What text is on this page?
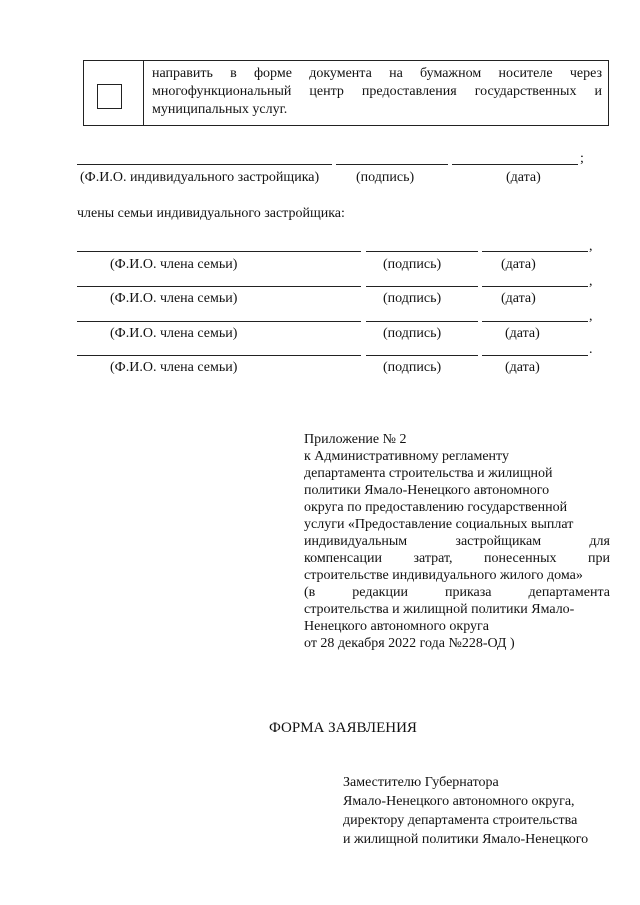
направить в форме документа на бумажном носителе через многофункциональный центр предоставления государственных и муниципальных услуг.
;
(Ф.И.О. индивидуального застройщика)	(подпись)	(дата)
члены семьи индивидуального застройщика:
,
(Ф.И.О. члена семьи)	(подпись)	(дата)
,
(Ф.И.О. члена семьи)	(подпись)	(дата)
,
(Ф.И.О. члена семьи)	(подпись)	(дата)
.
(Ф.И.О. члена семьи)	(подпись)	(дата)
Приложение № 2
к Административному регламенту
департамента строительства и жилищной
политики Ямало-Ненецкого автономного
округа по предоставлению государственной
услуги «Предоставление социальных выплат
индивидуальным	застройщикам	для
компенсации затрат, понесенных при
строительстве индивидуального жилого дома»
(в	редакции	приказа	департамента
строительства и жилищной политики Ямало-
Ненецкого автономного округа
от 28 декабря 2022 года №228-ОД )
ФОРМА ЗАЯВЛЕНИЯ
Заместителю Губернатора
Ямало-Ненецкого автономного округа,
директору департамента строительства
и жилищной политики Ямало-Ненецкого
